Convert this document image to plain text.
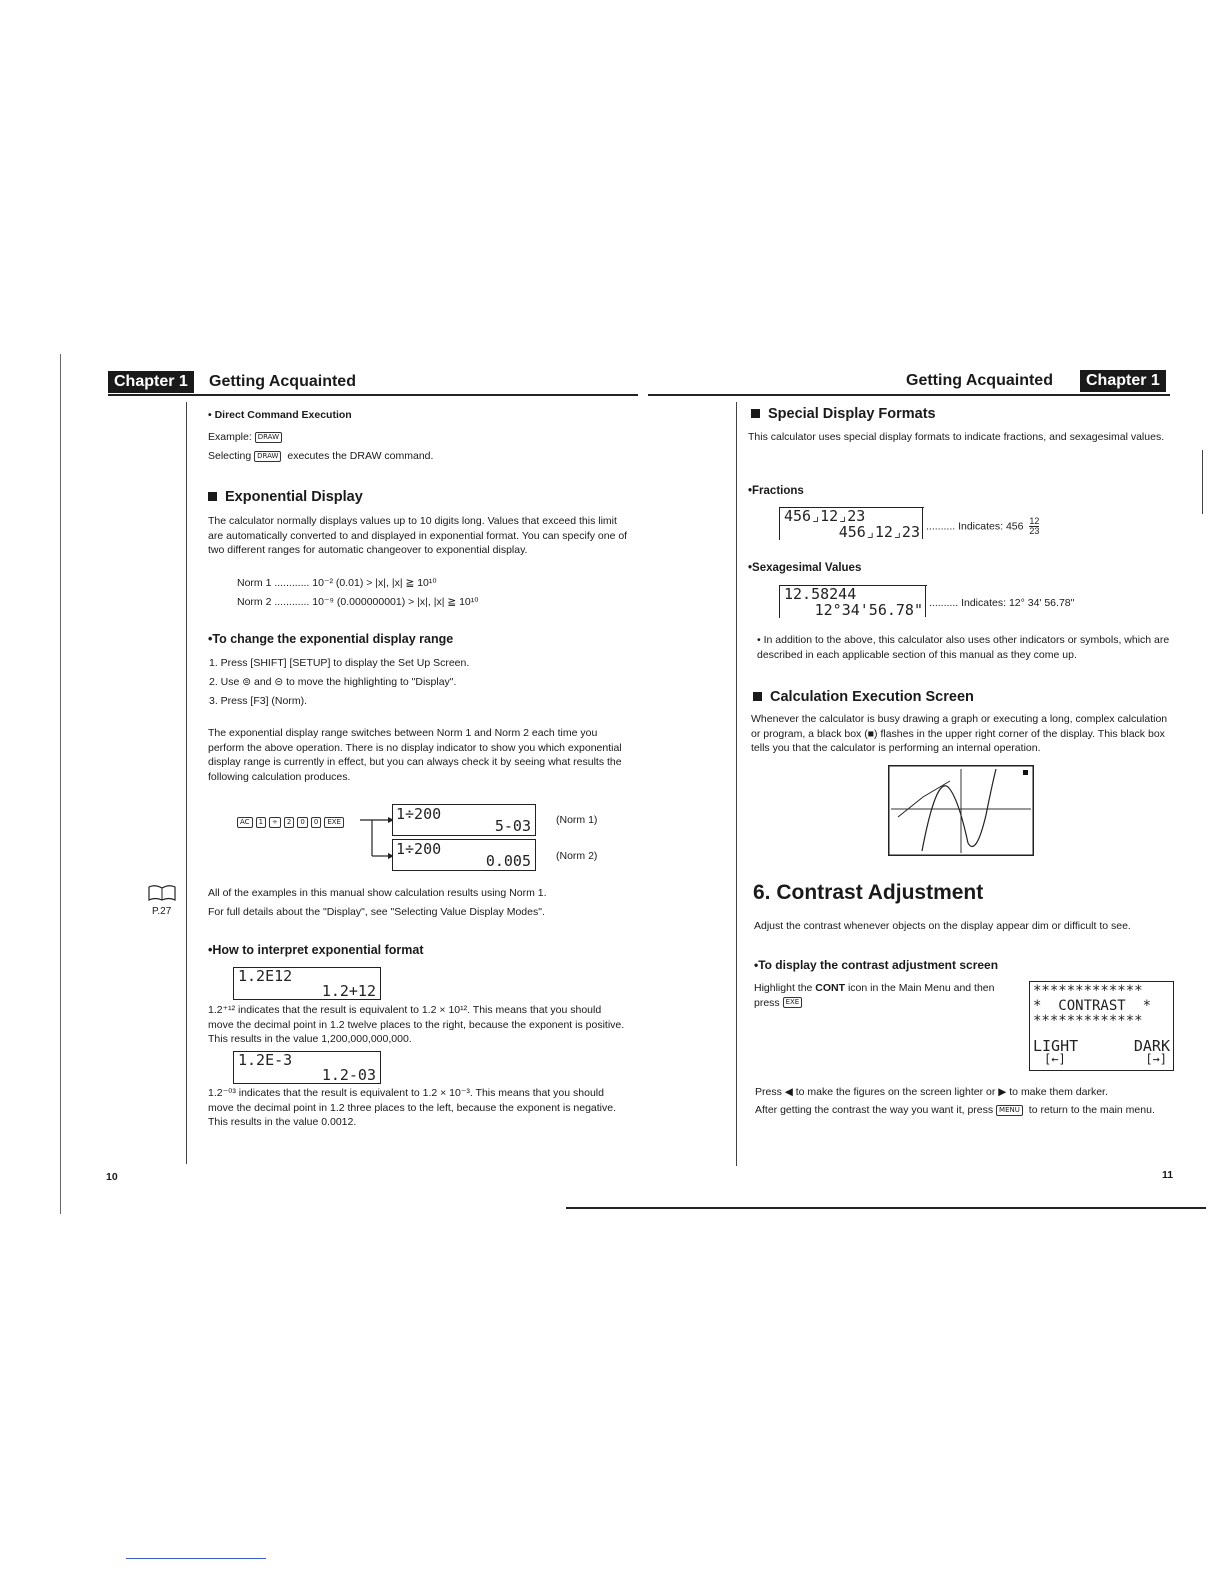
Chapter 1	Getting Acquainted
• Direct Command Execution
Example: DRAW
Selecting DRAW executes the DRAW command.
Exponential Display
The calculator normally displays values up to 10 digits long. Values that exceed this limit are automatically converted to and displayed in exponential format. You can specify one of two different ranges for automatic changeover to exponential display.
Norm 1 ............ 10⁻² (0.01) > |x|, |x| ≧ 10¹⁰
Norm 2 ............ 10⁻⁹ (0.000000001) > |x|, |x| ≧ 10¹⁰
•To change the exponential display range
1. Press [SHIFT] [SETUP] to display the Set Up Screen.
2. Use ⊜ and ⊝ to move the highlighting to "Display".
3. Press [F3] (Norm).
The exponential display range switches between Norm 1 and Norm 2 each time you perform the above operation. There is no display indicator to show you which exponential display range is currently in effect, but you can always check it by seeing what results the following calculation produces.
AC 1 ÷ 2 0 0 EXE	1÷200
5-03 (Norm 1)
1÷200
0.005 (Norm 2)
P.27
All of the examples in this manual show calculation results using Norm 1.
For full details about the "Display", see "Selecting Value Display Modes".
•How to interpret exponential format
1.2E12
1.2+12
1.2⁺¹² indicates that the result is equivalent to 1.2 × 10¹². This means that you should move the decimal point in 1.2 twelve places to the right, because the exponent is positive. This results in the value 1,200,000,000,000.
1.2E-3
1.2-03
1.2⁻⁰³ indicates that the result is equivalent to 1.2 × 10⁻³. This means that you should move the decimal point in 1.2 three places to the left, because the exponent is negative. This results in the value 0.0012.
10
Getting Acquainted	Chapter 1
Special Display Formats
This calculator uses special display formats to indicate fractions, and sexagesimal values.
•Fractions
456⌟12⌟23
456⌟12⌟23 .......... Indicates: $456 \frac{12}{23}$
•Sexagesimal Values
12.58244
12°34'56.78" .......... Indicates: 12° 34' 56.78"
• In addition to the above, this calculator also uses other indicators or symbols, which are described in each applicable section of this manual as they come up.
Calculation Execution Screen
Whenever the calculator is busy drawing a graph or executing a long, complex calculation or program, a black box (■) flashes in the upper right corner of the display. This black box tells you that the calculator is performing an internal operation.
6. Contrast Adjustment
Adjust the contrast whenever objects on the display appear dim or difficult to see.
•To display the contrast adjustment screen
Highlight the CONT icon in the Main Menu and then press EXE
*************
*  CONTRAST  *
*************
LIGHT	DARK
[←]	[→]
Press ◀ to make the figures on the screen lighter or ▶ to make them darker.
After getting the contrast the way you want it, press MENU to return to the main menu.
11
